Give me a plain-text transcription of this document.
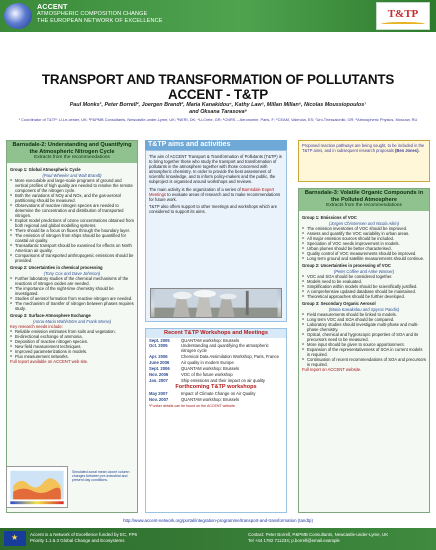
ACCENT
ATMOSPHERIC COMPOSITION CHANGE
THE EUROPEAN NETWORK OF EXCELLENCE
T&TP
TRANSPORT AND TRANSFORMATION OF POLLUTANTS
ACCENT - T&TP
Paul Monks¹, Peter Borrell², Joergen Brandt³, Maria Kanakidou⁴, Kathy Law⁵, Millan Millan⁶, Nicolas Moussiopoulos⁷
and Oksana Tarasova⁸
¹ Coordinator of T&TP: U-Le-cester, UK; ²P&PMB Consultants, Newcastle-under-Lyme, UK; ³NERI, DK; ⁴U-Crete, GR; ⁵CNRS – Aeronomie, Paris, F; ⁶CEAM, Valencia, ES; ⁷Uni-Thessaloniki, GR; ⁸Atmospheric Physics, Moscow, RU
Barnsdale-2: Understanding and Quantifying the Atmospheric Nitrogen Cycle
Extracts from the recommendations
Group 1: Global Atmospheric Cycle
(Paul Wheeler and Walt Brandt)
o More executable and large-scale programs of ground and vertical profiles of high quality are needed to resolve the remote component of the nitrogen cycle.
o Both the variations of NOy and NOx, and the gas-aerosol partitioning should be measured.
o Observations of reactive nitrogen species are needed to determine the concentration and distribution of transported nitrogen.
o Exploit model predictions of ozone concentrations obtained from both regional and global modelling systems.
o There should be a focus on fluxes through the boundary layer.
o The emission of nitrogen from ships should be quantified for coastal air quality.
o Transatlantic transport should be examined for effects on North American air quality.
o Comparisons of transported anthropogenic emissions should be provided.
Group 2: Uncertainties in chemical processing
(Tony Cox and Dave Johnson)
o Further laboratory studies of the chemical mechanisms of the reactions of nitrogen oxides are needed.
o The importance of the night-time chemistry should be investigated.
o Studies of aerosol formation from reactive nitrogen are needed.
o The mechanism of transfer of nitrogen between phases requires study.
Group 3: Surface-Atmosphere Exchange
(Anna-Maria Wahlström and Frank Morse)
Key research needs include:
o Reliable emission estimates from soils and vegetation.
o Bi-directional exchange of ammonia.
o Deposition of reactive nitrogen species.
o New field measurement techniques.
o Improved parameterizations in models.
o Flux measurement networks.
Full report available on ACCENT web site.
Simulated zonal mean ozone column changes between pre-industrial and present day conditions.
T&TP aims and activities

The aim of ACCENT Transport & Transformation of Pollutants (T&TP) is to bring together those who study the transport and transformation of pollutants in the atmosphere together with those concerned with atmospheric chemistry. In order to provide the best assessment of scientific knowledge, and to inform policy-makers and the public, the subproject is organised around workshops and reviews.

The main activity is the organization of a series of Barnsdale Expert Meetings to evaluate areas of research and to make recommendations for future work.

T&TP also offers support to other meetings and workshops which are considered to support its aims.

Proposed reaction pathways are being sought, to be included in the T&TP aims, and in subsequent research proposals (Ben Jones).
Recent T&TP Workshops and Meetings
Sept. 2005	QUANTAM workshop: Brussels
Oct. 2005	Understanding and quantifying the atmospheric nitrogen cycle
Apr. 2006	Chemical Data Assimilation Workshop, Paris, France
June 2006	Air quality in modern Europe
Sept. 2006	QUANTAM workshop: Brussels
Nov. 2006	VOC of the future workshop
Jan. 2007	Ship emissions and their impact on air quality
Forthcoming T&TP workshops
May 2007	Impact of Climate Change on Air Quality
Nov. 2007	QUANTAM workshop: Brussels
*Further details can be found on the ACCENT website.
Barnsdale-3: Volatile Organic Compounds in the Polluted Atmosphere
Extracts from the recommendations
Group 1: Emissions of VOC
(Jorgen Christensen and Nicola Aikin)
o The emission inventories of VOC should be improved.
o Assess and quantify the VOC variability in urban areas.
o All major emission sources should be included.
o Speciation of VOC needs improvement in models.
o Urban plumes should be better characterised.
o Quality control of VOC measurements should be improved.
o Long term ground and satellite measurements should continue.
Group 2: Uncertainties in processing of VOC
(Peter Coffee and Anke Wasser)
o VOC and SOA should be considered together.
o Models need to be evaluated.
o Simplification within models should be scientifically justified.
o A comprehensive updated database should be maintained.
o Theoretical approaches should be further developed.
Group 3: Secondary Organic Aerosol
(Maria Kanakidou and Spyros Pandis)
o Field measurements should be linked to models.
o Long term VOC and SOA should be compared.
o Laboratory studies should investigate multi-phase and multi-phase chemistry.
o Optical, chemical and hygroscopic properties of SOA and its precursors need to be measured.
o More input should be given to source apportionment.
o Expansion of the representativeness of SOA in current models is required.
o Continuation of recent recommendations of SOA and precursors is required.
Full report on ACCENT website.
http://www.accent-network.org/portal/integration-programme/transport-and-transformation (tandtp)
★
Accent is a Network of Excellence funded by EC, FP6
Priority 1.1.6.3 Global Change and Ecosystems
Contact: Peter Borrell, P&PMB Consultants, Newcastle-under-Lyme, UK
Tel +44 1782 711234; p.borrell@email.example
